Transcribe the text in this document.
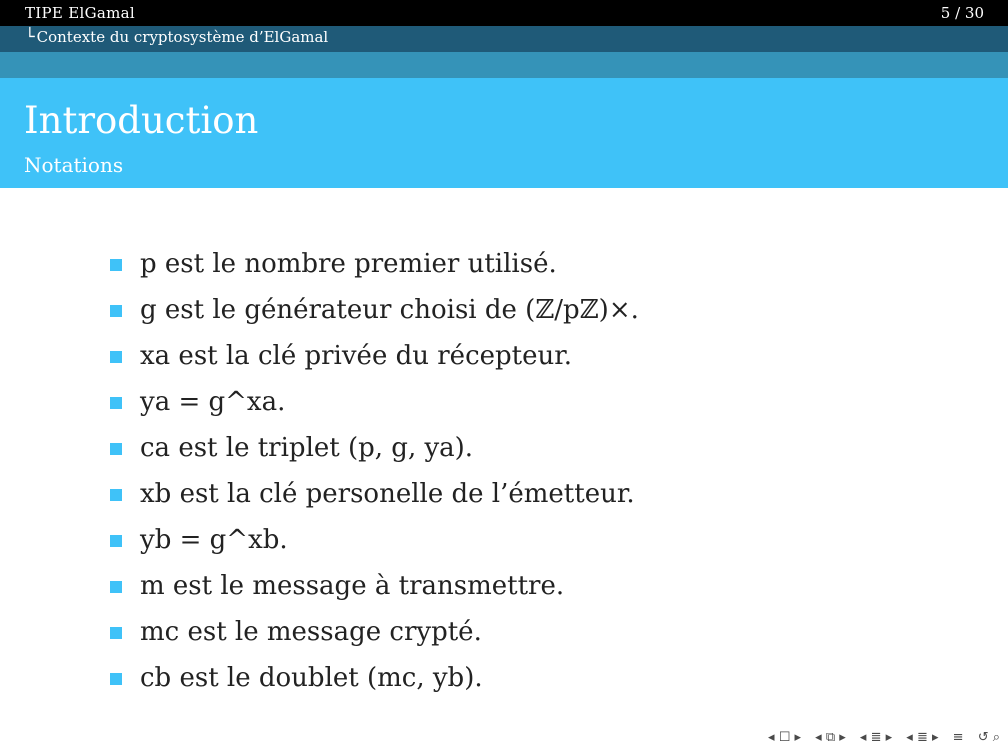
TIPE ElGamal	5 / 30
└ Contexte du cryptosystème d’ElGamal
Introduction
Notations
p est le nombre premier utilisé.
g est le générateur choisi de (ℤ/pℤ)×.
xa est la clé privée du récepteur.
ya = g^xa.
ca est le triplet (p, g, ya).
xb est la clé personelle de l’émetteur.
yb = g^xb.
m est le message à transmettre.
mc est le message crypté.
cb est le doublet (mc, yb).
◂ ☐ ▸ ◂ ⧉ ▸ ◂ ≣ ▸ ◂ ≣ ▸ ≡ ↺ ⌕
